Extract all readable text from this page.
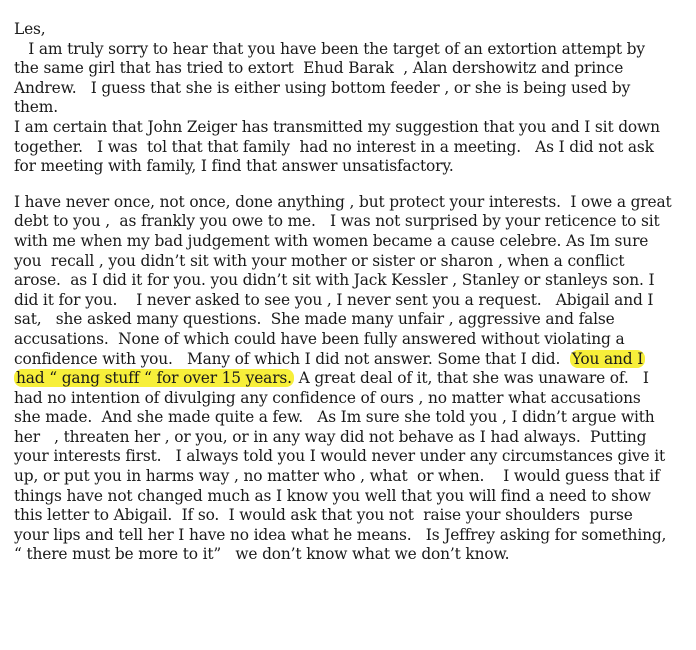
Les,
I am truly sorry to hear that you have been the target of an extortion attempt by
the same girl that has tried to extort  Ehud Barak  , Alan dershowitz and prince
Andrew.   I guess that she is either using bottom feeder , or she is being used by
them.
I am certain that John Zeiger has transmitted my suggestion that you and I sit down
together.   I was  tol that that family  had no interest in a meeting.   As I did not ask
for meeting with family, I find that answer unsatisfactory.
I have never once, not once, done anything , but protect your interests.  I owe a great
debt to you ,  as frankly you owe to me.   I was not surprised by your reticence to sit
with me when my bad judgement with women became a cause celebre. As Im sure
you  recall , you didn’t sit with your mother or sister or sharon , when a conflict
arose.  as I did it for you. you didn’t sit with Jack Kessler , Stanley or stanleys son. I
did it for you.    I never asked to see you , I never sent you a request.   Abigail and I
sat,   she asked many questions.  She made many unfair , aggressive and false
accusations.  None of which could have been fully answered without violating a
confidence with you.   Many of which I did not answer. Some that I did.  You and I
had “ gang stuff “ for over 15 years. A great deal of it, that she was unaware of.   I
had no intention of divulging any confidence of ours , no matter what accusations
she made.  And she made quite a few.   As Im sure she told you , I didn’t argue with
her   , threaten her , or you, or in any way did not behave as I had always.  Putting
your interests first.   I always told you I would never under any circumstances give it
up, or put you in harms way , no matter who , what  or when.    I would guess that if
things have not changed much as I know you well that you will find a need to show
this letter to Abigail.  If so.  I would ask that you not  raise your shoulders  purse
your lips and tell her I have no idea what he means.   Is Jeffrey asking for something,
“ there must be more to it”   we don’t know what we don’t know.
